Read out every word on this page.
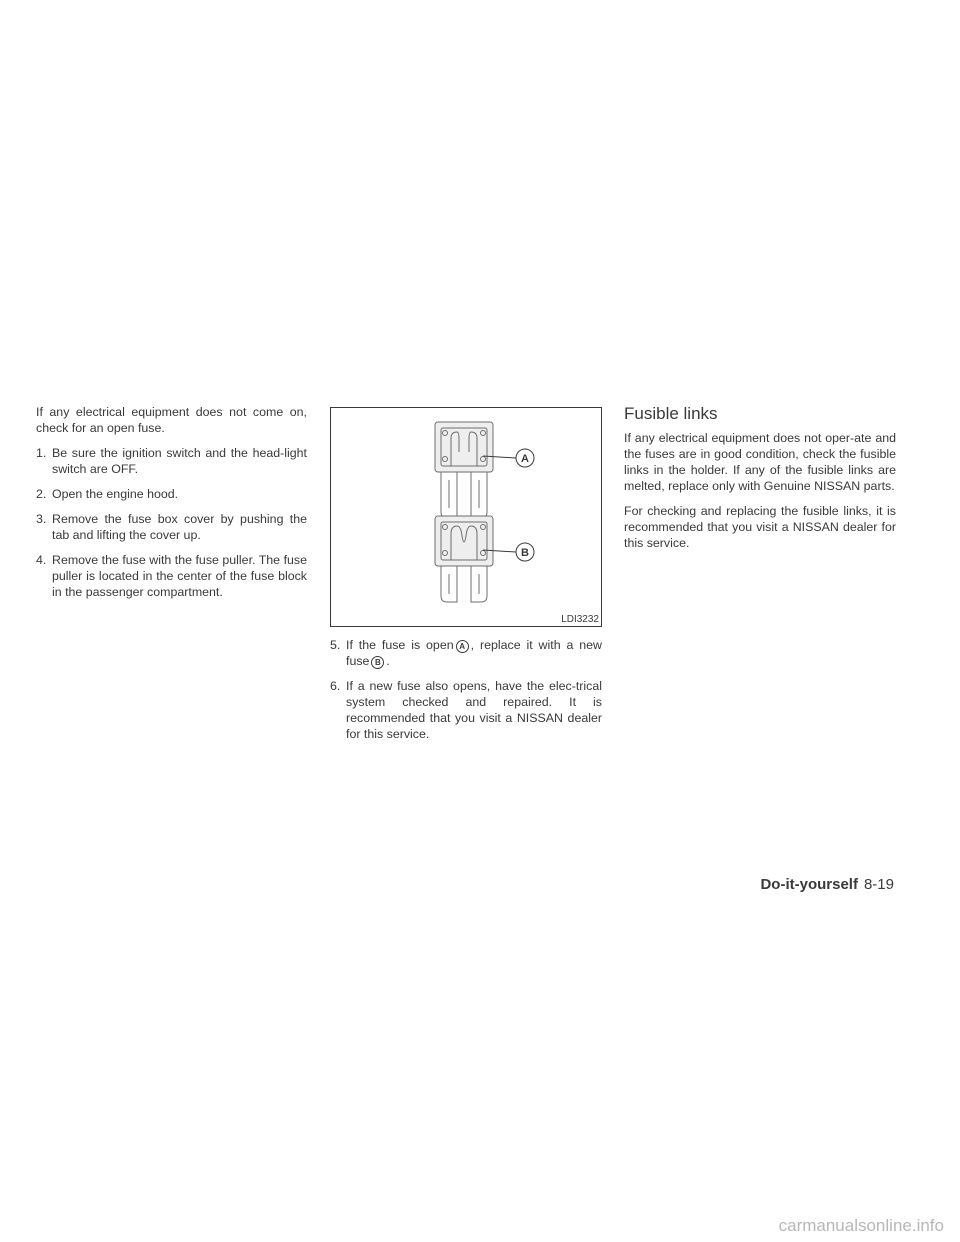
If any electrical equipment does not come on, check for an open fuse.

1. Be sure the ignition switch and the head-light switch are OFF.
2. Open the engine hood.
3. Remove the fuse box cover by pushing the tab and lifting the cover up.
4. Remove the fuse with the fuse puller. The fuse puller is located in the center of the fuse block in the passenger compartment.
A
B
LDI3232
5. If the fuse is open A , replace it with a new fuse B .
6. If a new fuse also opens, have the elec-trical system checked and repaired. It is recommended that you visit a NISSAN dealer for this service.
Fusible links

If any electrical equipment does not oper-ate and the fuses are in good condition, check the fusible links in the holder. If any of the fusible links are melted, replace only with Genuine NISSAN parts.

For checking and replacing the fusible links, it is recommended that you visit a NISSAN dealer for this service.

Do-it-yourself 8-19
carmanualsonline.info
